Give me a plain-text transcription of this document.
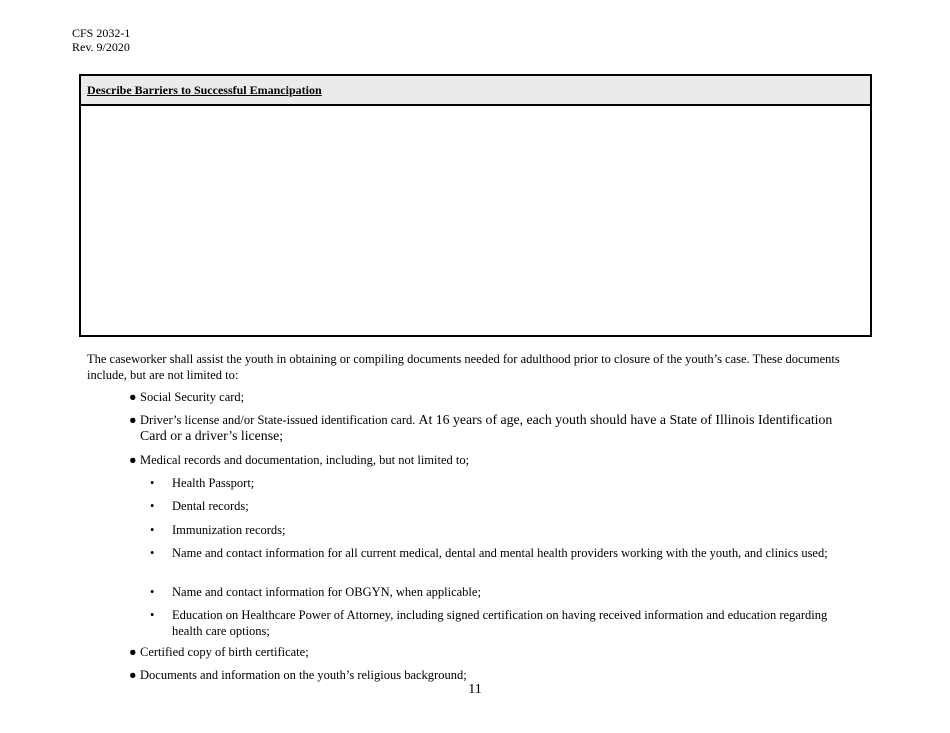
CFS 2032-1
Rev. 9/2020
Describe Barriers to Successful Emancipation
The caseworker shall assist the youth in obtaining or compiling documents needed for adulthood prior to closure of the youth’s case. These documents include, but are not limited to:
● Social Security card;
● Driver’s license and/or State-issued identification card. At 16 years of age, each youth should have a State of Illinois Identification Card or a driver’s license;
● Medical records and documentation, including, but not limited to;
• Health Passport;
• Dental records;
• Immunization records;
• Name and contact information for all current medical, dental and mental health providers working with the youth, and clinics used;
• Name and contact information for OBGYN, when applicable;
• Education on Healthcare Power of Attorney, including signed certification on having received information and education regarding health care options;
● Certified copy of birth certificate;
● Documents and information on the youth’s religious background;
11
